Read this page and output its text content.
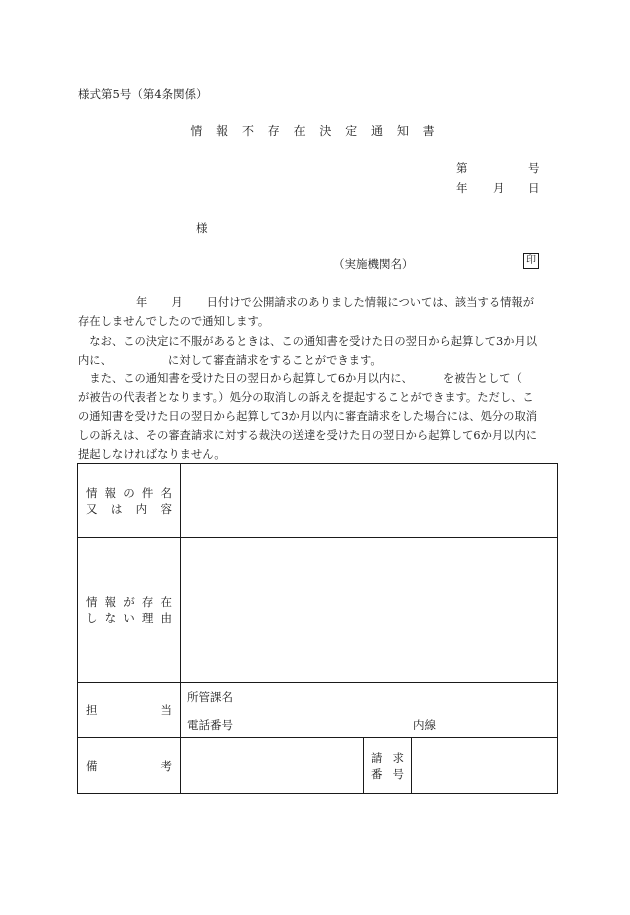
様式第5号（第4条関係）
情 報 不 存 在 決 定 通 知 書
第	号
年 月 日
様
（実施機関名）	印
年 月 日付けで公開請求のありました情報については、該当する情報が
存在しませんでしたので通知します。
　なお、この決定に不服があるときは、この通知書を受けた日の翌日から起算して3か月以
内に、	に対して審査請求をすることができます。
　また、この通知書を受けた日の翌日から起算して6か月以内に、	を被告として（
が被告の代表者となります。）処分の取消しの訴えを提起することができます。ただし、こ
の通知書を受けた日の翌日から起算して3か月以内に審査請求をした場合には、処分の取消
しの訴えは、その審査請求に対する裁決の送達を受けた日の翌日から起算して6か月以内に
提起しなければなりません。
情報の件名
又は内容			

情報が存在
しない理由			

担当	所管課名
電話番号 内線		

備考		請求
番号	
